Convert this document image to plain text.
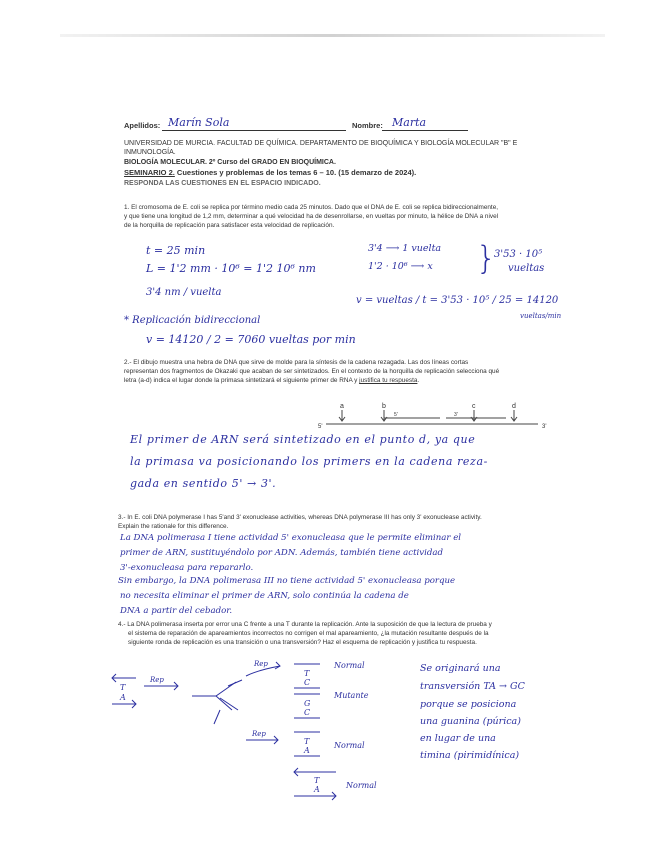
Apellidos: Marín Sola	Nombre: Marta
UNIVERSIDAD DE MURCIA. FACULTAD DE QUÍMICA. DEPARTAMENTO DE BIOQUÍMICA Y BIOLOGÍA MOLECULAR "B" E INMUNOLOGÍA.
BIOLOGÍA MOLECULAR. 2º Curso del GRADO EN BIOQUÍMICA.
SEMINARIO 2. Cuestiones y problemas de los temas 6 – 10. (15 demarzo de 2024).
RESPONDA LAS CUESTIONES EN EL ESPACIO INDICADO.
1. El cromosoma de E. coli se replica por término medio cada 25 minutos. Dado que el DNA de E. coli se replica bidireccionalmente,
y que tiene una longitud de 1,2 mm, determinar a qué velocidad ha de desenrollarse, en vueltas por minuto, la hélice de DNA a nivel
de la horquilla de replicación para satisfacer esta velocidad de replicación.
t = 25 min
L = 1'2 mm · 10⁶ = 1'2 10⁶ nm
3'4 nm / vuelta
3'4 ⟶ 1 vuelta
1'2 · 10⁶ ⟶ x }
3'53 · 10⁵
vueltas
v = vueltas / t = 3'53 · 10⁵ / 25 = 14120
vueltas/min
* Replicación bidireccional
v = 14120 / 2 = 7060 vueltas por min
2.- El dibujo muestra una hebra de DNA que sirve de molde para la síntesis de la cadena rezagada. Las dos líneas cortas
representan dos fragmentos de Okazaki que acaban de ser sintetizados. En el contexto de la horquilla de replicación selecciona qué
letra (a-d) indica el lugar donde la primasa sintetizará el siguiente primer de RNA y justifica tu respuesta.
a	b	c	d
5'	3'
5'	3'
El primer de ARN será sintetizado en el punto d, ya que
la primasa va posicionando los primers en la cadena reza-
gada en sentido 5' → 3'.
3.- In E. coli DNA polymerase I has 5'and 3' exonuclease activities, whereas DNA polymerase III has only 3' exonuclease activity.
Explain the rationale for this difference.
La DNA polimerasa I tiene actividad 5' exonucleasa que le permite eliminar el
primer de ARN, sustituyéndolo por ADN. Además, también tiene actividad
3'-exonucleasa para repararlo.
Sin embargo, la DNA polimerasa III no tiene actividad 5' exonucleasa porque
no necesita eliminar el primer de ARN, solo continúa la cadena de
DNA a partir del cebador.
4.- La DNA polimerasa inserta por error una C frente a una T durante la replicación. Ante la suposición de que la lectura de prueba y
el sistema de reparación de apareamientos incorrectos no corrigen el mal apareamiento, ¿la mutación resultante después de la
siguiente ronda de replicación es una transición o una transversión? Haz el esquema de replicación y justifica tu respuesta.
Rep
Rep
Rep
T
A
T
C
G
C
T
A
T
A
Normal
Mutante
Normal
Normal
Se originará una
transversión TA → GC
porque se posiciona
una guanina (púrica)
en lugar de una
timina (pirimidínica)
